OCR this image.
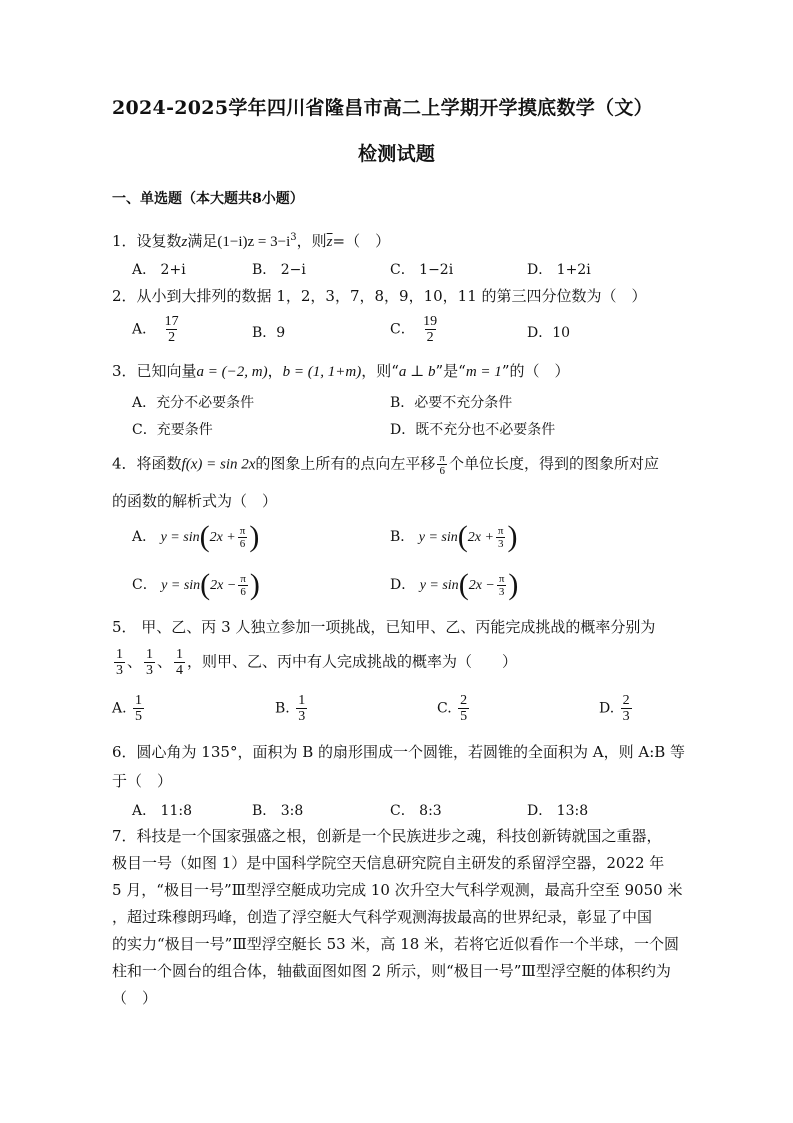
2024-2025学年四川省隆昌市高二上学期开学摸底数学（文）
检测试题
一、单选题（本大题共8小题）
1．设复数z满足$(1-i)z = 3-i^3$，则$\overline{z}=$（　）
A． 2+i	B． 2−i	C． 1−2i	D． 1+2i
2．从小到大排列的数据 1，2，3，7，8，9，10，11 的第三四分位数为（　）
A． $\frac{17}{2}$	B．9	C． $\frac{19}{2}$	D．10
3．已知向量a = (−2, m)，b = (1, 1+m)，则“a ⊥ b”是“m = 1”的（　）
A．充分不必要条件	B．必要不充分条件
C．充要条件	D．既不充分也不必要条件
4．将函数f(x) = sin 2x的图象上所有的点向左平移 $\frac{\pi}{6}$ 个单位长度，得到的图象所对应
的函数的解析式为（　）
A． $y = \sin(2x + \frac{\pi}{6}$ )	B． $y = \sin(2x + \frac{\pi}{3}$ )
C． $y = \sin(2x - \frac{\pi}{6}$ )	D． $y = \sin(2x - \frac{\pi}{3}$ )
5． 甲、乙、丙 3 人独立参加一项挑战，已知甲、乙、丙能完成挑战的概率分别为
$\frac{1}{3}$ 、 $\frac{1}{3}$ 、 $\frac{1}{4}$ ，则甲、乙、丙中有人完成挑战的概率为（　　）
A. $\frac{1}{5}$	B. $\frac{1}{3}$	C. $\frac{2}{5}$	D. $\frac{2}{3}$
6．圆心角为 135°，面积为 B 的扇形围成一个圆锥，若圆锥的全面积为 A，则 A:B 等
于（　）
A． 11:8	B． 3:8	C． 8:3	D． 13:8
7．科技是一个国家强盛之根，创新是一个民族进步之魂，科技创新铸就国之重器，
极目一号（如图 1）是中国科学院空天信息研究院自主研发的系留浮空器，2022 年
5 月，“极目一号”Ⅲ型浮空艇成功完成 10 次升空大气科学观测，最高升空至 9050 米
，超过珠穆朗玛峰，创造了浮空艇大气科学观测海拔最高的世界纪录，彰显了中国
的实力“极目一号”Ⅲ型浮空艇长 53 米，高 18 米，若将它近似看作一个半球，一个圆
柱和一个圆台的组合体，轴截面图如图 2 所示，则“极目一号”Ⅲ型浮空艇的体积约为
（　）
